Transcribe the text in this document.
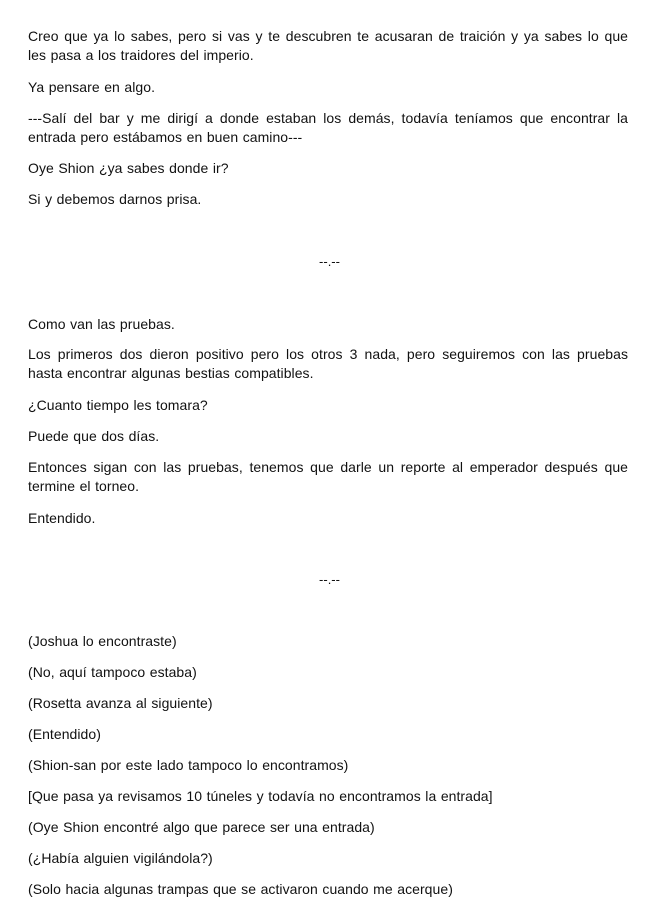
Creo que ya lo sabes, pero si vas y te descubren te acusaran de traición y ya sabes lo que les pasa a los traidores del imperio.

Ya pensare en algo.

---Salí del bar y me dirigí a donde estaban los demás, todavía teníamos que encontrar la entrada pero estábamos en buen camino---

Oye Shion ¿ya sabes donde ir?

Si y debemos darnos prisa.

--.--

Como van las pruebas.

Los primeros dos dieron positivo pero los otros 3 nada, pero seguiremos con las pruebas hasta encontrar algunas bestias compatibles.

¿Cuanto tiempo les tomara?

Puede que dos días.

Entonces sigan con las pruebas, tenemos que darle un reporte al emperador después que termine el torneo.

Entendido.

--.--

(Joshua lo encontraste)

(No, aquí tampoco estaba)

(Rosetta avanza al siguiente)

(Entendido)

(Shion-san por este lado tampoco lo encontramos)

[Que pasa ya revisamos 10 túneles y todavía no encontramos la entrada]

(Oye Shion encontré algo que parece ser una entrada)

(¿Había alguien vigilándola?)

(Solo hacia algunas trampas que se activaron cuando me acerque)
